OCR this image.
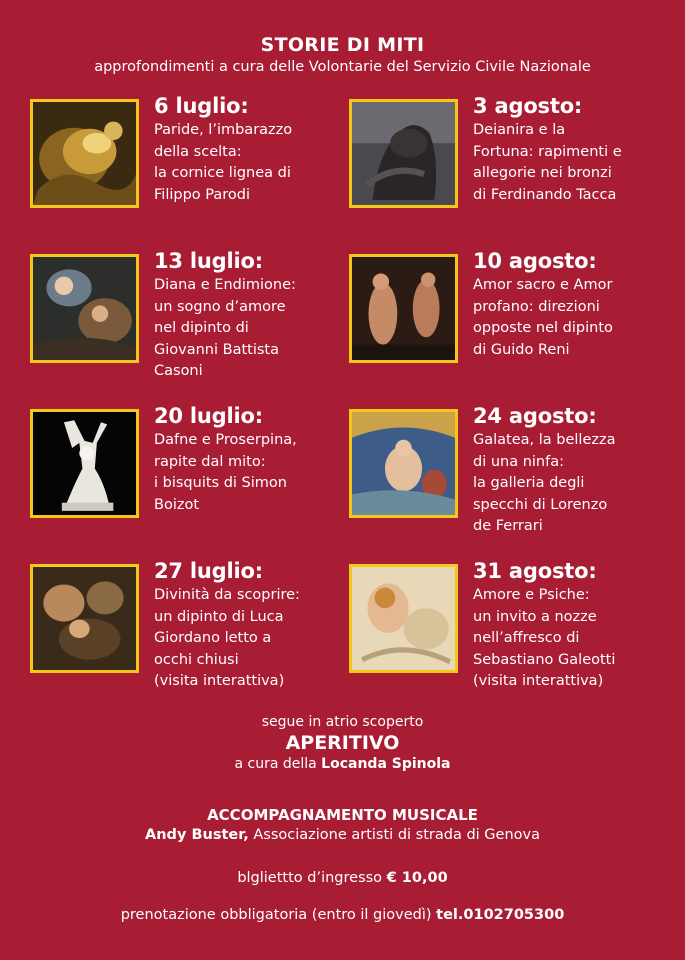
STORIE DI MITI
approfondimenti a cura delle Volontarie del Servizio Civile Nazionale
6 luglio:
Paride, l’imbarazzo
della scelta:
la cornice lignea di
Filippo Parodi
3 agosto:
Deianira e la
Fortuna: rapimenti e
allegorie nei bronzi
di Ferdinando Tacca
13 luglio:
Diana e Endimione:
un sogno d’amore
nel dipinto di
Giovanni Battista
Casoni
10 agosto:
Amor sacro e Amor
profano: direzioni
opposte nel dipinto
di Guido Reni
20 luglio:
Dafne e Proserpina,
rapite dal mito:
i bisquits di Simon
Boizot
24 agosto:
Galatea, la bellezza
di una ninfa:
la galleria degli
specchi di Lorenzo
de Ferrari
27 luglio:
Divinità da scoprire:
un dipinto di Luca
Giordano letto a
occhi chiusi
(visita interattiva)
31 agosto:
Amore e Psiche:
un invito a nozze
nell’affresco di
Sebastiano Galeotti
(visita interattiva)
segue in atrio scoperto
APERITIVO
a cura della Locanda Spinola
ACCOMPAGNAMENTO MUSICALE
Andy Buster, Associazione artisti di strada di Genova
blgliettto d’ingresso € 10,00
prenotazione obbligatoria (entro il giovedì) tel.0102705300
